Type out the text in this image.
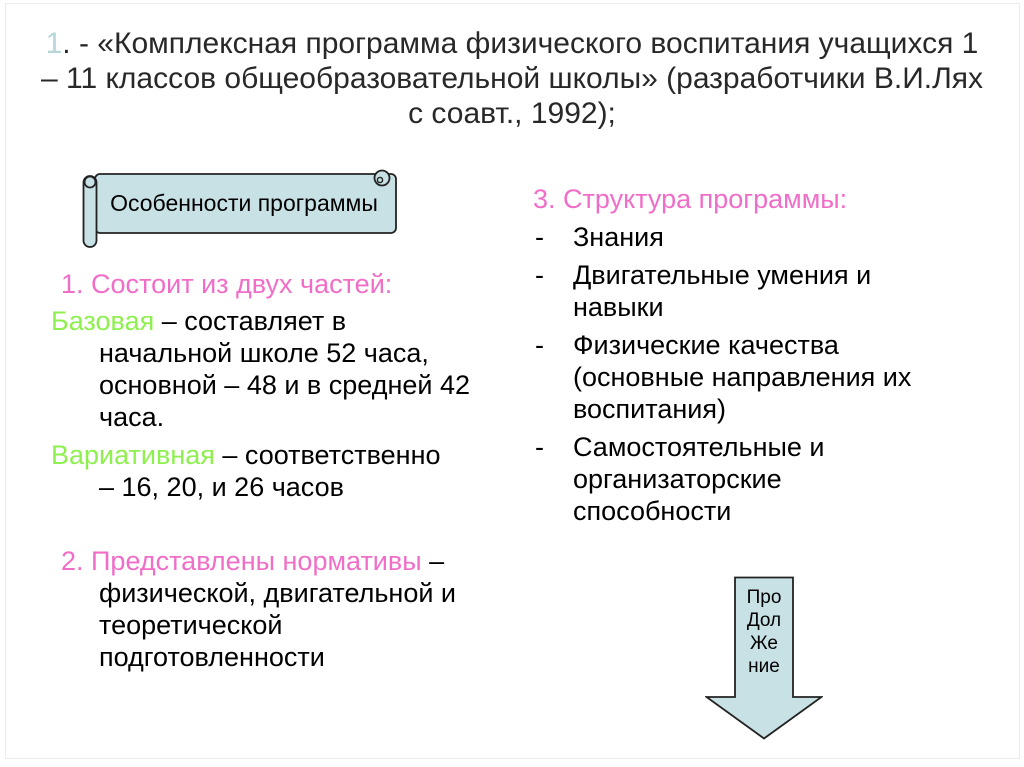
1. - «Комплексная программа физического воспитания учащихся 1
– 11 классов общеобразовательной школы» (разработчики В.И.Лях
с соавт., 1992);
Особенности программы
1. Состоит из двух частей:
Базовая – составляет в
начальной школе 52 часа,
основной – 48 и в средней 42
часа.
Вариативная – соответственно
– 16, 20, и 26 часов
2. Представлены нормативы –
физической, двигательной и
теоретической
подготовленности
3. Структура программы:
-	Знания
-	Двигательные умения и
навыки
-	Физические качества
(основные направления их
воспитания)
-	Самостоятельные и
организаторские
способности
Про
Дол
Же
ние
